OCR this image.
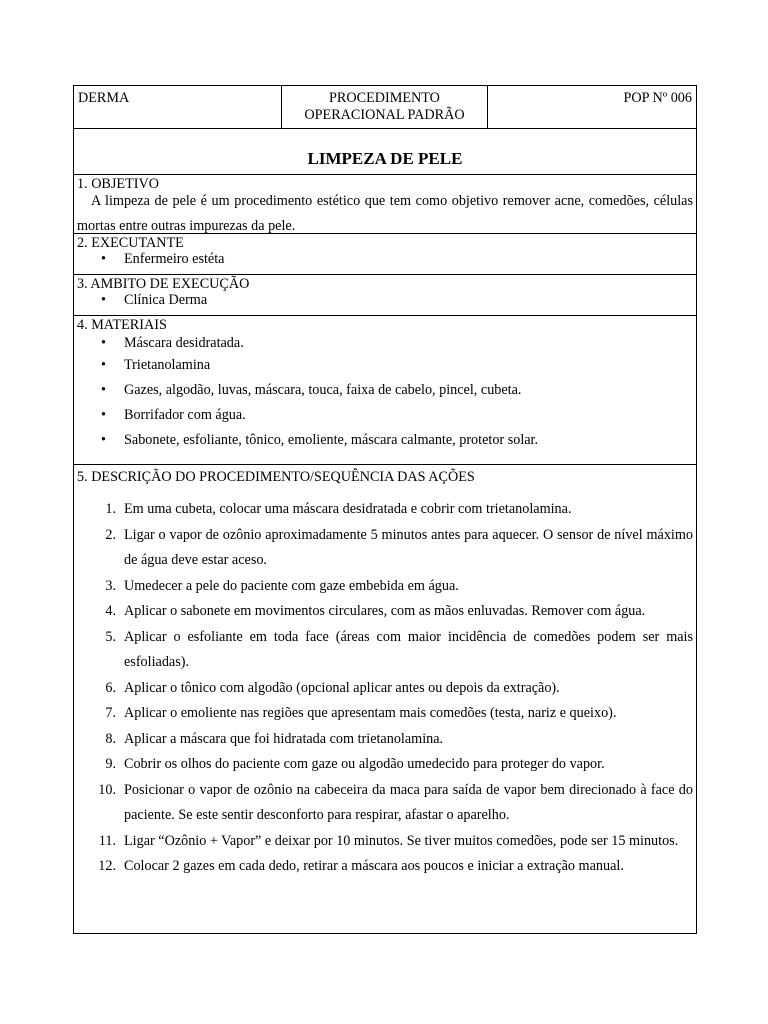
DERMA	PROCEDIMENTO
OPERACIONAL PADRÃO
POP Nº 006
LIMPEZA DE PELE
1. OBJETIVO
A limpeza de pele é um procedimento estético que tem como objetivo remover acne, comedões, células mortas entre outras impurezas da pele.
2. EXECUTANTE
• Enfermeiro estéta
3. AMBITO DE EXECUÇÃO
• Clínica Derma
4. MATERIAIS
• Máscara desidratada.
• Trietanolamina
• Gazes, algodão, luvas, máscara, touca, faixa de cabelo, pincel, cubeta.
• Borrifador com água.
• Sabonete, esfoliante, tônico, emoliente, máscara calmante, protetor solar.
5. DESCRIÇÃO DO PROCEDIMENTO/SEQUÊNCIA DAS AÇÕES
1. Em uma cubeta, colocar uma máscara desidratada e cobrir com trietanolamina.
2. Ligar o vapor de ozônio aproximadamente 5 minutos antes para aquecer. O sensor de nível máximo de água deve estar aceso.
3. Umedecer a pele do paciente com gaze embebida em água.
4. Aplicar o sabonete em movimentos circulares, com as mãos enluvadas. Remover com água.
5. Aplicar o esfoliante em toda face (áreas com maior incidência de comedões podem ser mais esfoliadas).
6. Aplicar o tônico com algodão (opcional aplicar antes ou depois da extração).
7. Aplicar o emoliente nas regiões que apresentam mais comedões (testa, nariz e queixo).
8. Aplicar a máscara que foi hidratada com trietanolamina.
9. Cobrir os olhos do paciente com gaze ou algodão umedecido para proteger do vapor.
10. Posicionar o vapor de ozônio na cabeceira da maca para saída de vapor bem direcionado à face do paciente. Se este sentir desconforto para respirar, afastar o aparelho.
11. Ligar “Ozônio + Vapor” e deixar por 10 minutos. Se tiver muitos comedões, pode ser 15 minutos.
12. Colocar 2 gazes em cada dedo, retirar a máscara aos poucos e iniciar a extração manual.
